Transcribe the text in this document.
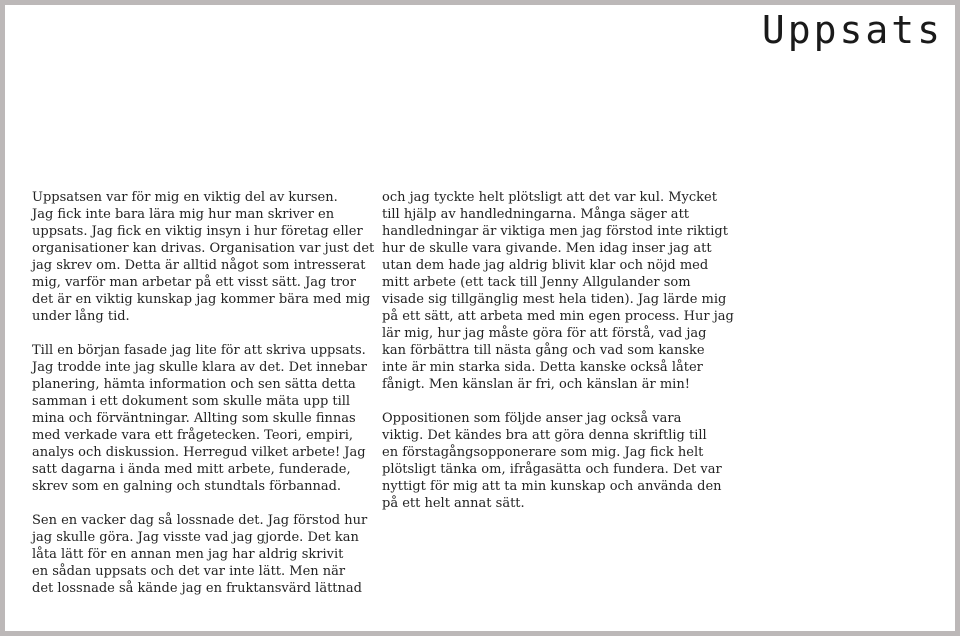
Uppsats
Uppsatsen var för mig en viktig del av kursen.
Jag fick inte bara lära mig hur man skriver en
uppsats. Jag fick en viktig insyn i hur företag eller
organisationer kan drivas. Organisation var just det
jag skrev om. Detta är alltid något som intresserat
mig, varför man arbetar på ett visst sätt. Jag tror
det är en viktig kunskap jag kommer bära med mig
under lång tid.
Till en början fasade jag lite för att skriva uppsats.
Jag trodde inte jag skulle klara av det. Det innebar
planering, hämta information och sen sätta detta
samman i ett dokument som skulle mäta upp till
mina och förväntningar. Allting som skulle finnas
med verkade vara ett frågetecken. Teori, empiri,
analys och diskussion. Herregud vilket arbete! Jag
satt dagarna i ända med mitt arbete, funderade,
skrev som en galning och stundtals förbannad.
Sen en vacker dag så lossnade det. Jag förstod hur
jag skulle göra. Jag visste vad jag gjorde. Det kan
låta lätt för en annan men jag har aldrig skrivit
en sådan uppsats och det var inte lätt. Men när
det lossnade så kände jag en fruktansvärd lättnad
och jag tyckte helt plötsligt att det var kul. Mycket
till hjälp av handledningarna. Många säger att
handledningar är viktiga men jag förstod inte riktigt
hur de skulle vara givande. Men idag inser jag att
utan dem hade jag aldrig blivit klar och nöjd med
mitt arbete (ett tack till Jenny Allgulander som
visade sig tillgänglig mest hela tiden). Jag lärde mig
på ett sätt, att arbeta med min egen process. Hur jag
lär mig, hur jag måste göra för att förstå, vad jag
kan förbättra till nästa gång och vad som kanske
inte är min starka sida. Detta kanske också låter
fånigt. Men känslan är fri, och känslan är min!
Oppositionen som följde anser jag också vara
viktig. Det kändes bra att göra denna skriftlig till
en förstagångsopponerare som mig. Jag fick helt
plötsligt tänka om, ifrågasätta och fundera. Det var
nyttigt för mig att ta min kunskap och använda den
på ett helt annat sätt.
